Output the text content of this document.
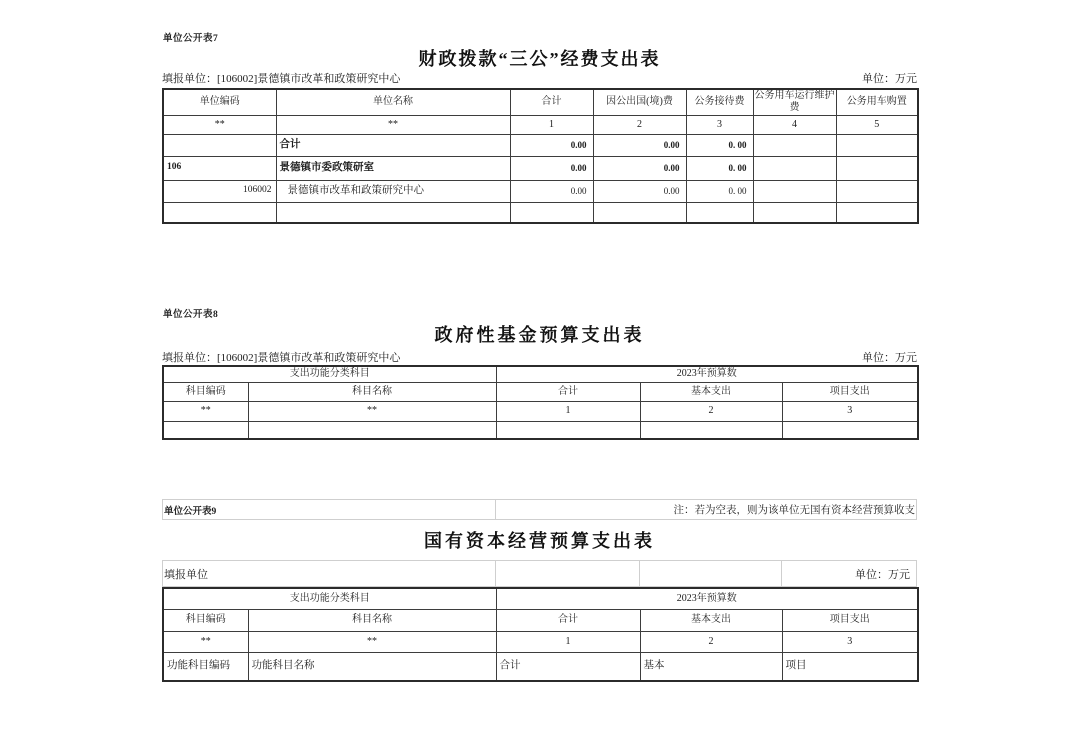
单位公开表7
财政拨款“三公”经费支出表
填报单位：[106002]景德镇市改革和政策研究中心	单位：万元
单位编码	单位名称	合计	因公出国(境)费	公务接待费	公务用车运行维护费	公务用车购置
**	**	1	2	3	4	5
	合计	0.00	0.00	0. 00		
106	景德镇市委政策研室	0.00	0.00	0. 00		
106002	景德镇市改革和政策研究中心	0.00	0.00	0. 00		

单位公开表8
政府性基金预算支出表
填报单位：[106002]景德镇市改革和政策研究中心	单位：万元
支出功能分类科目		2023年预算数		
科目编码	科目名称	合计	基本支出	项目支出
**	**	1	2	3

单位公开表9	注：若为空表，则为该单位无国有资本经营预算收支
国有资本经营预算支出表
填报单位	单位：万元
支出功能分类科目		2023年预算数		
科目编码	科目名称	合计	基本支出	项目支出
**	**	1	2	3
功能科目编码	功能科目名称	合计	基本	项目
